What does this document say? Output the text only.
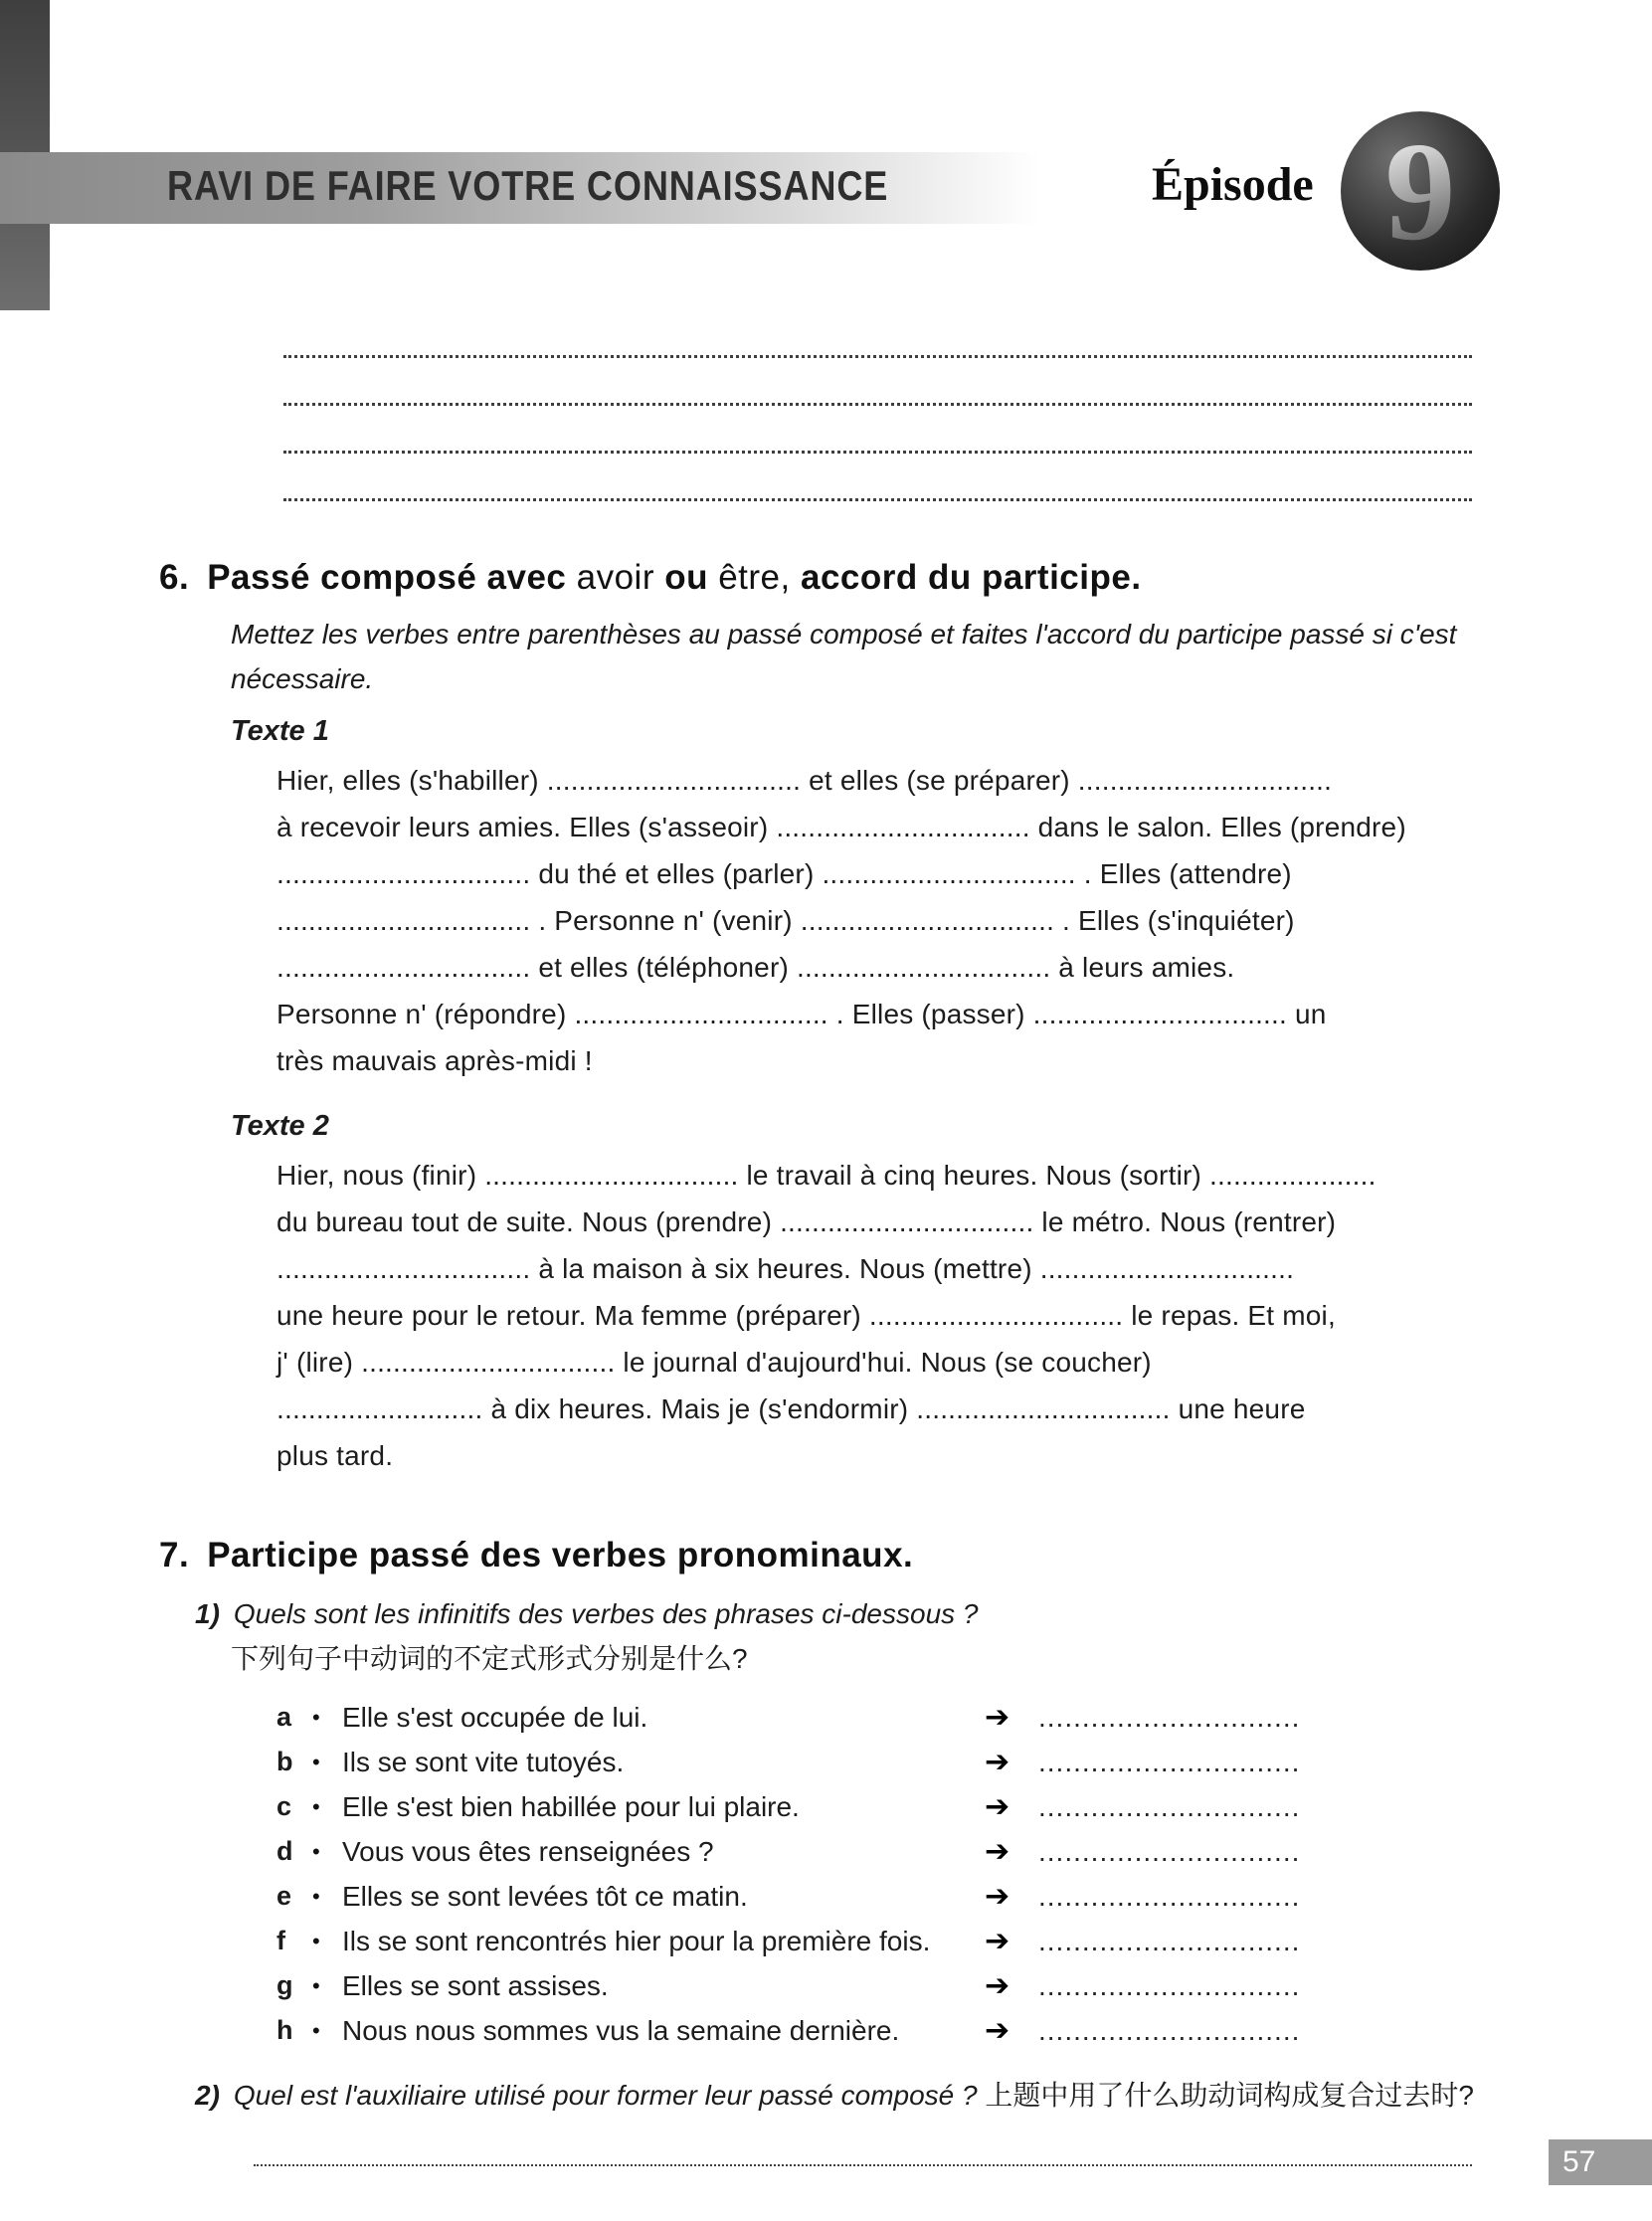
RAVI DE FAIRE VOTRE CONNAISSANCE	Épisode 9
6. Passé composé avec avoir ou être, accord du participe.

Mettez les verbes entre parenthèses au passé composé et faites l'accord du participe passé si c'est nécessaire.

Texte 1
Hier, elles (s'habiller) ................................ et elles (se préparer) ................................
à recevoir leurs amies. Elles (s'asseoir) ................................ dans le salon. Elles (prendre)
................................ du thé et elles (parler) ................................ . Elles (attendre)
................................ . Personne n' (venir) ................................ . Elles (s'inquiéter)
................................ et elles (téléphoner) ................................ à leurs amies.
Personne n' (répondre) ................................ . Elles (passer) ................................ un
très mauvais après-midi !
Texte 2
Hier, nous (finir) ................................ le travail à cinq heures. Nous (sortir) .....................
du bureau tout de suite. Nous (prendre) ................................ le métro. Nous (rentrer)
................................ à la maison à six heures. Nous (mettre) ................................
une heure pour le retour. Ma femme (préparer) ................................ le repas. Et moi,
j' (lire) ................................ le journal d'aujourd'hui. Nous (se coucher)
.......................... à dix heures. Mais je (s'endormir) ................................ une heure
plus tard.
7. Participe passé des verbes pronominaux.
1) Quels sont les infinitifs des verbes des phrases ci-dessous ?
下列句子中动词的不定式形式分别是什么?
a • Elle s'est occupée de lui.	➔	..............................
b • Ils se sont vite tutoyés.	➔	..............................
c • Elle s'est bien habillée pour lui plaire.	➔	..............................
d • Vous vous êtes renseignées ?	➔	..............................
e • Elles se sont levées tôt ce matin.	➔	..............................
f	• Ils se sont rencontrés hier pour la première fois.	➔	..............................
g • Elles se sont assises.	➔	..............................
h • Nous nous sommes vus la semaine dernière.	➔	..............................
2) Quel est l'auxiliaire utilisé pour former leur passé composé ? 上题中用了什么助动词构成复合过去时?
57
